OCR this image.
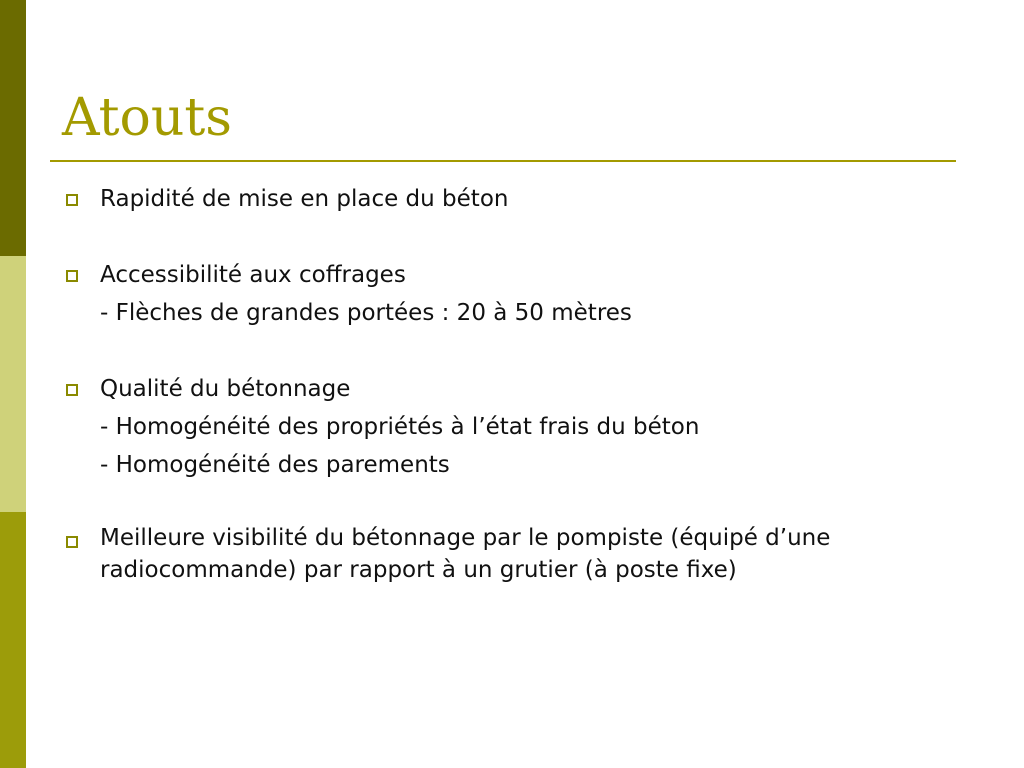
Atouts
Rapidité de mise en place du béton
Accessibilité aux coffrages
- Flèches de grandes portées : 20 à 50 mètres
Qualité du bétonnage
- Homogénéité des propriétés à l’état frais du béton
- Homogénéité des parements
Meilleure visibilité du bétonnage par le pompiste (équipé d’une radiocommande) par rapport à un grutier (à poste fixe)
